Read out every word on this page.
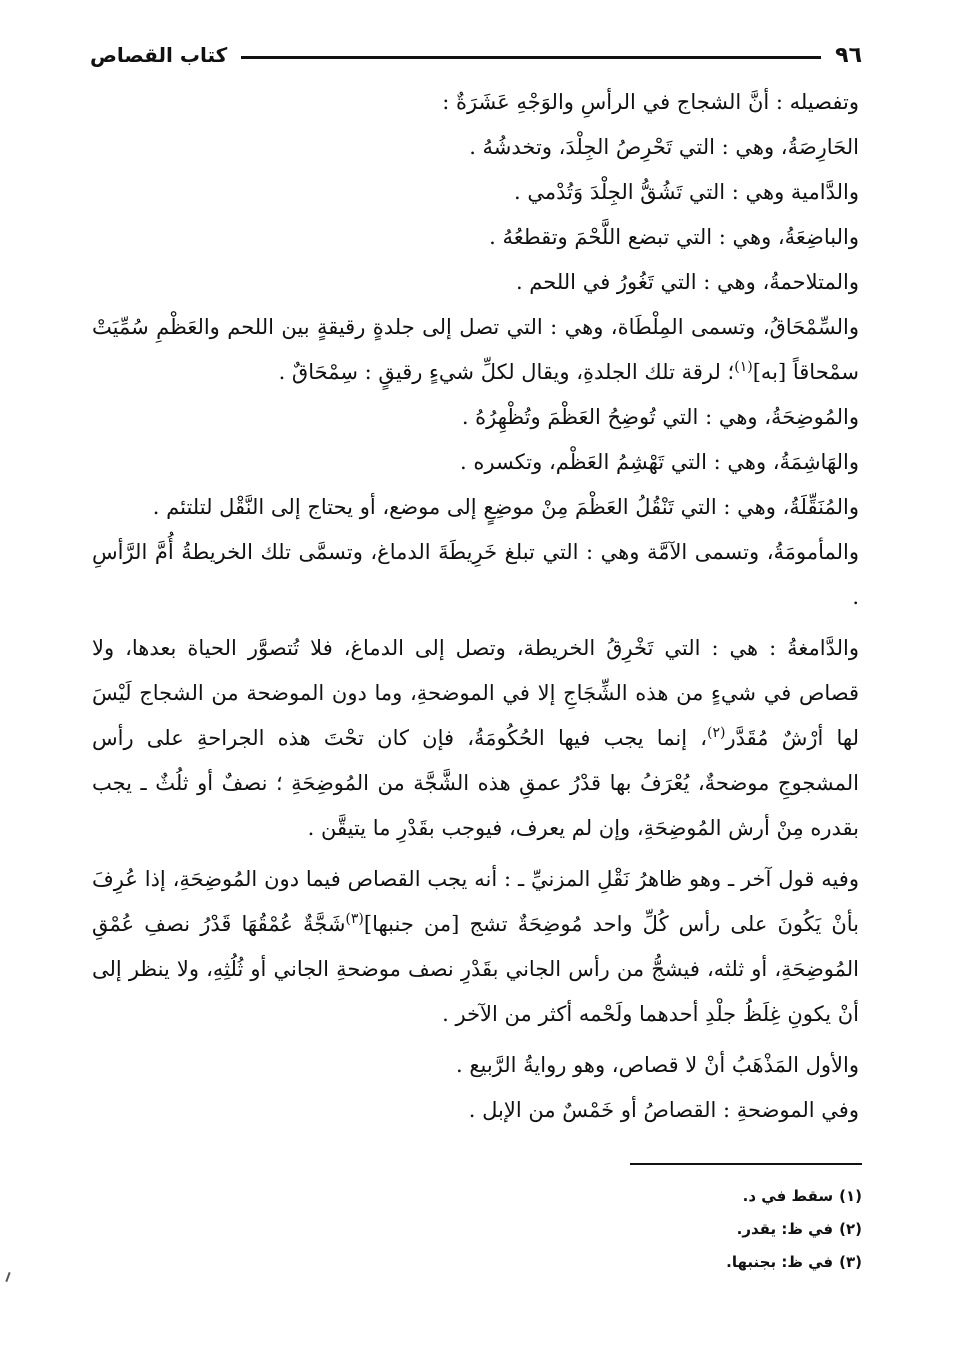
٩٦
كتاب القصاص

وتفصيله : أنَّ الشجاج في الرأسِ والوَجْهِ عَشَرَةٌ :

الحَارِصَةُ، وهي : التي تَحْرِصُ الجِلْدَ، وتخدشُهُ .

والدَّامية وهي : التي تَشُقُّ الجِلْدَ وَتُدْمي .

والباضِعَةُ، وهي : التي تبضع اللَّحْمَ وتقطعُهُ .

والمتلاحمةُ، وهي : التي تَغُورُ في اللحم .

والسِّمْحَاقُ، وتسمى المِلْطَاة، وهي : التي تصل إلى جلدةٍ رقيقةٍ بين اللحم والعَظْمِ سُمِّيَتْ سمْحاقاً [به]$^{(١)}$؛ لرقة تلك الجلدةِ، ويقال لكلِّ شيءٍ رقيقٍ : سِمْحَاقٌ .

والمُوضِحَةُ، وهي : التي تُوضِحُ العَظْمَ وتُظْهِرُهُ .

والهَاشِمَةُ، وهي : التي تَهْشِمُ العَظْم، وتكسره .

والمُنَقِّلَةُ، وهي : التي تَنْقُلُ العَظْمَ مِنْ موضِعٍ إلى موضع، أو يحتاج إلى النَّقْل لتلتئم .

والمأمومَةُ، وتسمى الآمَّة وهي : التي تبلغ خَرِيطَةَ الدماغ، وتسمَّى تلك الخريطةُ أُمَّ الرَّأسِ .

والدَّامغةُ : هي : التي تَخْرِقُ الخريطة، وتصل إلى الدماغ، فلا تُتصوَّر الحياة بعدها، ولا قصاص في شيءٍ من هذه الشِّجَاجِ إلا في الموضحةِ، وما دون الموضحة من الشجاج لَيْسَ لها أرْشٌ مُقَدَّر$^{(٢)}$، إنما يجب فيها الحُكُومَةُ، فإن كان تحْتَ هذه الجراحةِ على رأس المشجوجِ موضحةٌ، يُعْرَفُ بها قدْرُ عمقِ هذه الشَّجَّة من المُوضِحَةِ ؛ نصفٌ أو ثلُثٌ ـ يجب بقدره مِنْ أرش المُوضِحَةِ، وإن لم يعرف، فيوجب بقَدْرِ ما يتيقَّن .

وفيه قول آخر ـ وهو ظاهرُ نَقْلِ المزنيِّ ـ : أنه يجب القصاص فيما دون المُوضِحَةِ، إذا عُرِفَ بأنْ يَكُونَ على رأس كُلِّ واحد مُوضِحَةٌ تشج [من جنبها]$^{(٣)}$شَجَّةٌ عُمْقُهَا قَدْرُ نصفِ عُمْقِ المُوضِحَةِ، أو ثلثه، فيشجُّ من رأس الجاني بقَدْرِ نصف موضحةِ الجاني أو ثُلُثِهِ، ولا ينظر إلى أنْ يكونِ غِلَظُ جلْدِ أحدهما ولَحْمه أكثر من الآخر .

والأول المَذْهَبُ أنْ لا قصاص، وهو روايةُ الرَّبيع .

وفي الموضحةِ : القصاصُ أو خَمْسٌ من الإبل .

(١)
سقط في د.
(٢)
في ظ: يقدر.
(٣)
في ظ: بجنبها.
